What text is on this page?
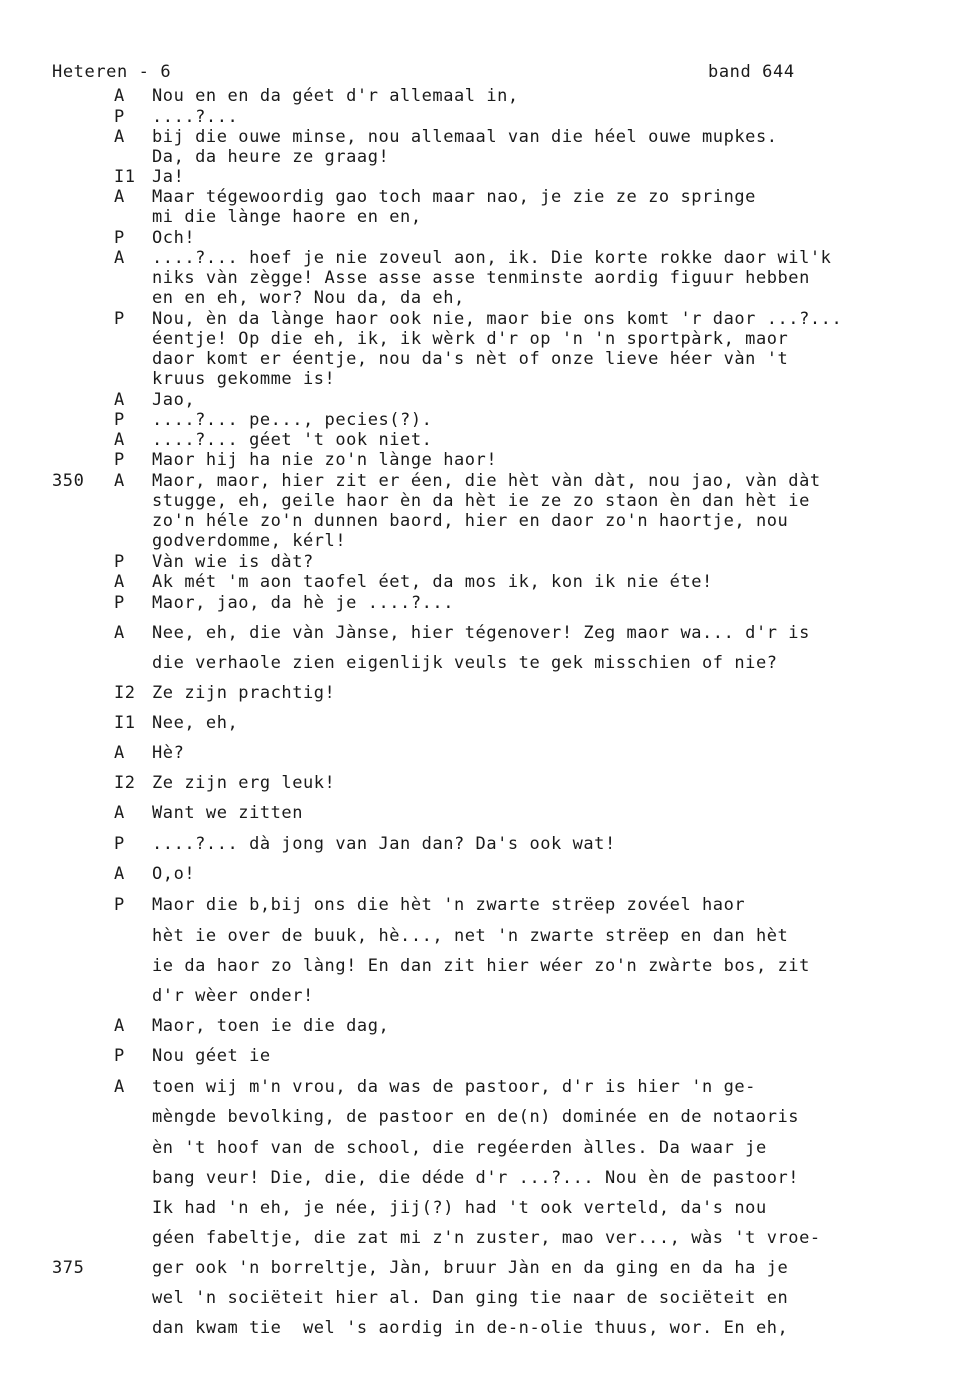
Heteren - 6	band 644
A	Nou en en da géet d'r allemaal in,
P	....?...
A	bij die ouwe minse, nou allemaal van die héel ouwe mupkes.
Da, da heure ze graag!
I1 Ja!
A	Maar tégewoordig gao toch maar nao, je zie ze zo springe
mi die lànge haore en en,
P	Och!
A	....?... hoef je nie zoveul aon, ik. Die korte rokke daor wil'k
niks vàn zègge! Asse asse asse tenminste aordig figuur hebben
en en eh, wor? Nou da, da eh,
P	Nou, èn da lànge haor ook nie, maor bie ons komt 'r daor ...?...
éentje! Op die eh, ik, ik wèrk d'r op 'n 'n sportpàrk, maor
daor komt er éentje, nou da's nèt of onze lieve héer vàn 't
kruus gekomme is!
A	Jao,
P	....?... pe..., pecies(?).
A	....?... géet 't ook niet.
P	Maor hij ha nie zo'n lànge haor!
350	A	Maor, maor, hier zit er éen, die hèt vàn dàt, nou jao, vàn dàt
stugge, eh, geile haor èn da hèt ie ze zo staon èn dan hèt ie
zo'n héle zo'n dunnen baord, hier en daor zo'n haortje, nou
godverdomme, kérl!
P	Vàn wie is dàt?
A	Ak mét 'm aon taofel éet, da mos ik, kon ik nie éte!
P	Maor, jao, da hè je ....?...
A	Nee, eh, die vàn Jànse, hier tégenover! Zeg maor wa... d'r is
die verhaole zien eigenlijk veuls te gek misschien of nie?
I2 Ze zijn prachtig!
I1 Nee, eh,
A	Hè?
I2 Ze zijn erg leuk!
A	Want we zitten
P	....?... dà jong van Jan dan? Da's ook wat!
A	O,o!
P	Maor die b,bij ons die hèt 'n zwarte strëep zovéel haor
hèt ie over de buuk, hè..., net 'n zwarte strëep en dan hèt
ie da haor zo làng! En dan zit hier wéer zo'n zwàrte bos, zit
d'r wèer onder!
A	Maor, toen ie die dag,
P	Nou géet ie
A	toen wij m'n vrou, da was de pastoor, d'r is hier 'n ge-
mèngde bevolking, de pastoor en de(n) dominée en de notaoris
èn 't hoof van de school, die regéerden àlles. Da waar je
bang veur! Die, die, die déde d'r ...?... Nou èn de pastoor!
Ik had 'n eh, je née, jij(?) had 't ook verteld, da's nou
géen fabeltje, die zat mi z'n zuster, mao ver..., wàs 't vroe-
375	ger ook 'n borreltje, Jàn, bruur Jàn en da ging en da ha je
wel 'n sociëteit hier al. Dan ging tie naar de sociëteit en
dan kwam tie  wel 's aordig in de-n-olie thuus, wor. En eh,
